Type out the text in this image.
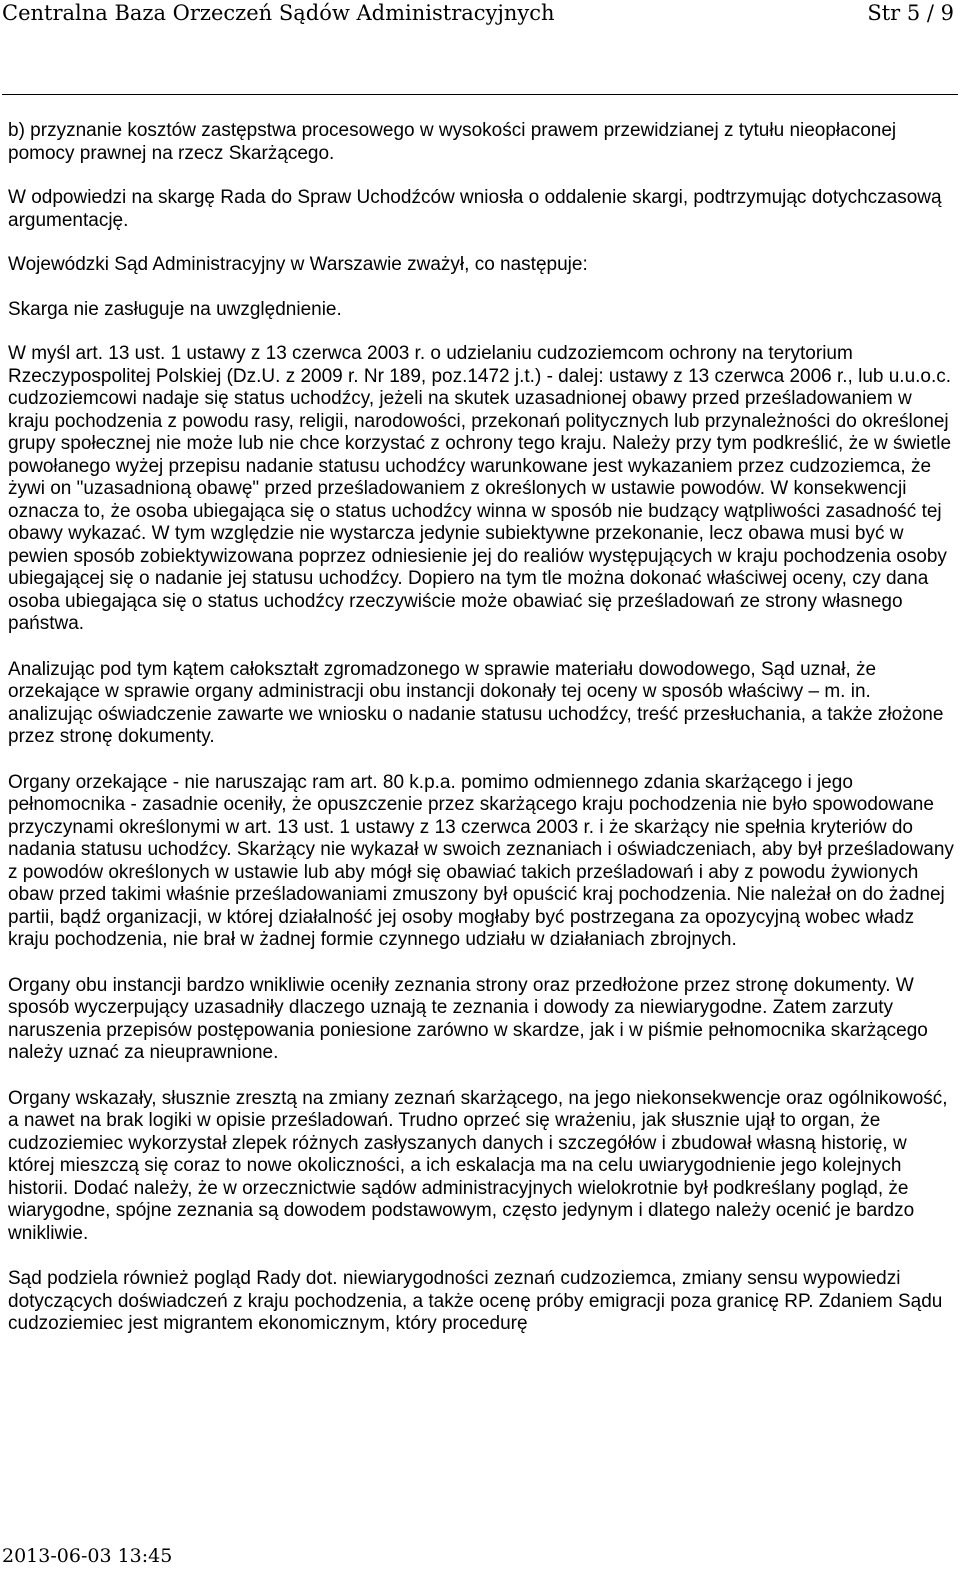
Centralna Baza Orzeczeń Sądów Administracyjnych	Str 5 / 9

b) przyznanie kosztów zastępstwa procesowego w wysokości prawem przewidzianej z tytułu nieopłaconej pomocy prawnej na rzecz Skarżącego.

W odpowiedzi na skargę Rada do Spraw Uchodźców wniosła o oddalenie skargi, podtrzymując dotychczasową argumentację.

Wojewódzki Sąd Administracyjny w Warszawie zważył, co następuje:

Skarga nie zasługuje na uwzględnienie.

W myśl art. 13 ust. 1 ustawy z 13 czerwca 2003 r. o udzielaniu cudzoziemcom ochrony na terytorium Rzeczypospolitej Polskiej (Dz.U. z 2009 r. Nr 189, poz.1472 j.t.) - dalej: ustawy z 13 czerwca 2006 r., lub u.u.o.c. cudzoziemcowi nadaje się status uchodźcy, jeżeli na skutek uzasadnionej obawy przed prześladowaniem w kraju pochodzenia z powodu rasy, religii, narodowości, przekonań politycznych lub przynależności do określonej grupy społecznej nie może lub nie chce korzystać z ochrony tego kraju. Należy przy tym podkreślić, że w świetle powołanego wyżej przepisu nadanie statusu uchodźcy warunkowane jest wykazaniem przez cudzoziemca, że żywi on "uzasadnioną obawę" przed prześladowaniem z określonych w ustawie powodów. W konsekwencji oznacza to, że osoba ubiegająca się o status uchodźcy winna w sposób nie budzący wątpliwości zasadność tej obawy wykazać. W tym względzie nie wystarcza jedynie subiektywne przekonanie, lecz obawa musi być w pewien sposób zobiektywizowana poprzez odniesienie jej do realiów występujących w kraju pochodzenia osoby ubiegającej się o nadanie jej statusu uchodźcy. Dopiero na tym tle można dokonać właściwej oceny, czy dana osoba ubiegająca się o status uchodźcy rzeczywiście może obawiać się prześladowań ze strony własnego państwa.

Analizując pod tym kątem całokształt zgromadzonego w sprawie materiału dowodowego, Sąd uznał, że orzekające w sprawie organy administracji obu instancji dokonały tej oceny w sposób właściwy – m. in. analizując oświadczenie zawarte we wniosku o nadanie statusu uchodźcy, treść przesłuchania, a także złożone przez stronę dokumenty.

Organy orzekające - nie naruszając ram art. 80 k.p.a. pomimo odmiennego zdania skarżącego i jego pełnomocnika - zasadnie oceniły, że opuszczenie przez skarżącego kraju pochodzenia nie było spowodowane przyczynami określonymi w art. 13 ust. 1 ustawy z 13 czerwca 2003 r. i że skarżący nie spełnia kryteriów do nadania statusu uchodźcy. Skarżący nie wykazał w swoich zeznaniach i oświadczeniach, aby był prześladowany z powodów określonych w ustawie lub aby mógł się obawiać takich prześladowań i aby z powodu żywionych obaw przed takimi właśnie prześladowaniami zmuszony był opuścić kraj pochodzenia. Nie należał on do żadnej partii, bądź organizacji, w której działalność jej osoby mogłaby być postrzegana za opozycyjną wobec władz kraju pochodzenia, nie brał w żadnej formie czynnego udziału w działaniach zbrojnych.

Organy obu instancji bardzo wnikliwie oceniły zeznania strony oraz przedłożone przez stronę dokumenty. W sposób wyczerpujący uzasadniły dlaczego uznają te zeznania i dowody za niewiarygodne. Zatem zarzuty naruszenia przepisów postępowania poniesione zarówno w skardze, jak i w piśmie pełnomocnika skarżącego należy uznać za nieuprawnione.

Organy wskazały, słusznie zresztą na zmiany zeznań skarżącego, na jego niekonsekwencje oraz ogólnikowość, a nawet na brak logiki w opisie prześladowań. Trudno oprzeć się wrażeniu, jak słusznie ujął to organ, że cudzoziemiec wykorzystał zlepek różnych zasłyszanych danych i szczegółów i zbudował własną historię, w której mieszczą się coraz to nowe okoliczności, a ich eskalacja ma na celu uwiarygodnienie jego kolejnych historii. Dodać należy, że w orzecznictwie sądów administracyjnych wielokrotnie był podkreślany pogląd, że wiarygodne, spójne zeznania są dowodem podstawowym, często jedynym i dlatego należy ocenić je bardzo wnikliwie.

Sąd podziela również pogląd Rady dot. niewiarygodności zeznań cudzoziemca, zmiany sensu wypowiedzi dotyczących doświadczeń z kraju pochodzenia, a także ocenę próby emigracji poza granicę RP. Zdaniem Sądu cudzoziemiec jest migrantem ekonomicznym, który procedurę

2013-06-03 13:45
